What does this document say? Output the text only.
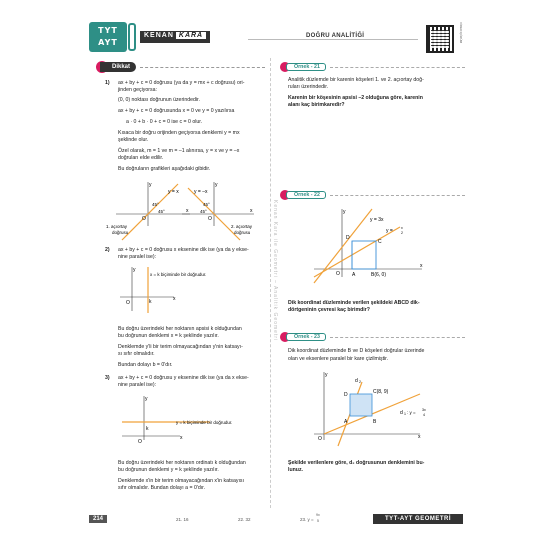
TYT
AYT
KENAN KARA	DOĞRU ANALİTİĞİ	VİDEO ÇÖZÜM
Kenan Kara ile Geometri – Analitik Geometri
Dikkat
1) ax + by + c = 0 doğrusu (ya da y = mx + c doğrusu) ori-
jinden geçiyorsa:
(0, 0) noktası doğrunun üzerindedir.
ax + by + c = 0 doğrusunda x = 0 ve y = 0 yazılırsa
a · 0 + b · 0 + c = 0 ise c = 0 olur.
Kısaca bir doğru orijinden geçiyorsa denklemi y = mx
şeklinde olur.
Özel olarak, m = 1 ve m = –1 alınırsa, y = x ve y = –x
doğruları elde edilir.
Bu doğruların grafikleri aşağıdaki gibidir.
y
x
O
y = x
45°
45°
1. açıortay
doğrusu
y
x
O
y = –x
45°
45°
2. açıortay
doğrusu
2) ax + by + c = 0 doğrusu x eksenine dik ise (ya da y ekse-
nine paralel ise):
y
x
O	k
x = k biçiminde bir doğrudur.
Bu doğru üzerindeki her noktanın apsisi k olduğundan
bu doğrunun denklemi x = k şeklinde yazılır.
Denklemde y'li bir terim olmayacağından y'nin katsayı-
sı sıfır olmalıdır.
Bundan dolayı b = 0'dır.
3) ax + by + c = 0 doğrusu y eksenine dik ise (ya da x ekse-
nine paralel ise):
y
x
O
k
y = k biçiminde bir doğrudur.
Bu doğru üzerindeki her noktanın ordinatı k olduğundan
bu doğrunun denklemi y = k şeklinde yazılır.
Denklemde x'in bir terim olmayacağından x'in katsayısı
sıfır olmalıdır. Bundan dolayı a = 0'dır.
Örnek - 21
Analitik düzlemde bir karenin köşeleri 1. ve 2. açıortay doğ-
ruları üzerindedir.
Karenin bir köşesinin apsisi –2 olduğuna göre, karenin
alanı kaç birimkaredir?
Örnek - 22
y
x
O
y = 3x
y = x
2
D
C
A	B(6, 0)
Dik koordinat düzleminde verilen şekildeki ABCD dik-
dörtgeninin çevresi kaç birimdir?
Örnek - 23
Dik koordinat düzleminde B ve D köşeleri doğrular üzerinde
olan ve eksenlere paralel bir kare çizilmiştir.
y
x
O
d 2
C(8, 9)
D
A	B
d 1 : y = 3x
4
Şekilde verilenlere göre, d₂ doğrusunun denklemini bu-
lunuz.
214	21. 16	22. 32	23. y =
9x
5	TYT-AYT GEOMETRİ
